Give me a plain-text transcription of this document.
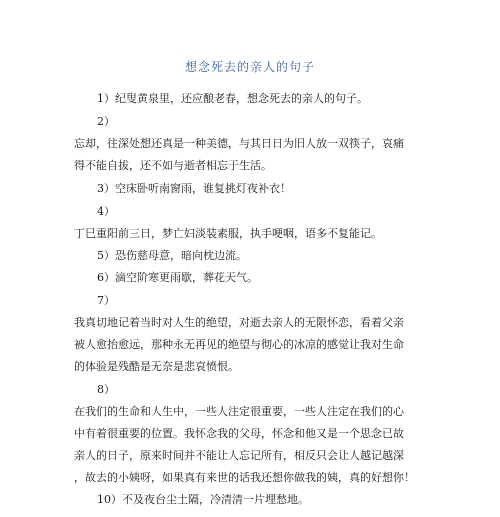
想念死去的亲人的句子
1）纪叟黄泉里，还应酿老春，想念死去的亲人的句子。
2）
忘却，往深处想还真是一种美德，与其日日为旧人放一双筷子，哀痛
得不能自拔，还不如与逝者相忘于生活。
3）空床卧听南窗雨，谁复挑灯夜补衣！
4）
丁巳重阳前三日，梦亡妇淡装素服，执手哽咽，语多不复能记。
5）恐伤慈母意，暗向枕边流。
6）滴空阶寒更雨歇，葬花天气。
7）
我真切地记着当时对人生的绝望，对逝去亲人的无限怀恋，看着父亲
被人愈抬愈远，那种永无再见的绝望与彻心的冰凉的感觉让我对生命
的体验是残酷是无奈是悲哀愤恨。
8）
在我们的生命和人生中，一些人注定很重要，一些人注定在我们的心
中有着很重要的位置。我怀念我的父母，怀念和他又是一个思念已故
亲人的日子，原来时间并不能让人忘记所有，相反只会让人越记越深
，故去的小姨呀，如果真有来世的话我还想你做我的姨，真的好想你！
10）不及夜台尘土隔，冷清清一片埋愁地。
